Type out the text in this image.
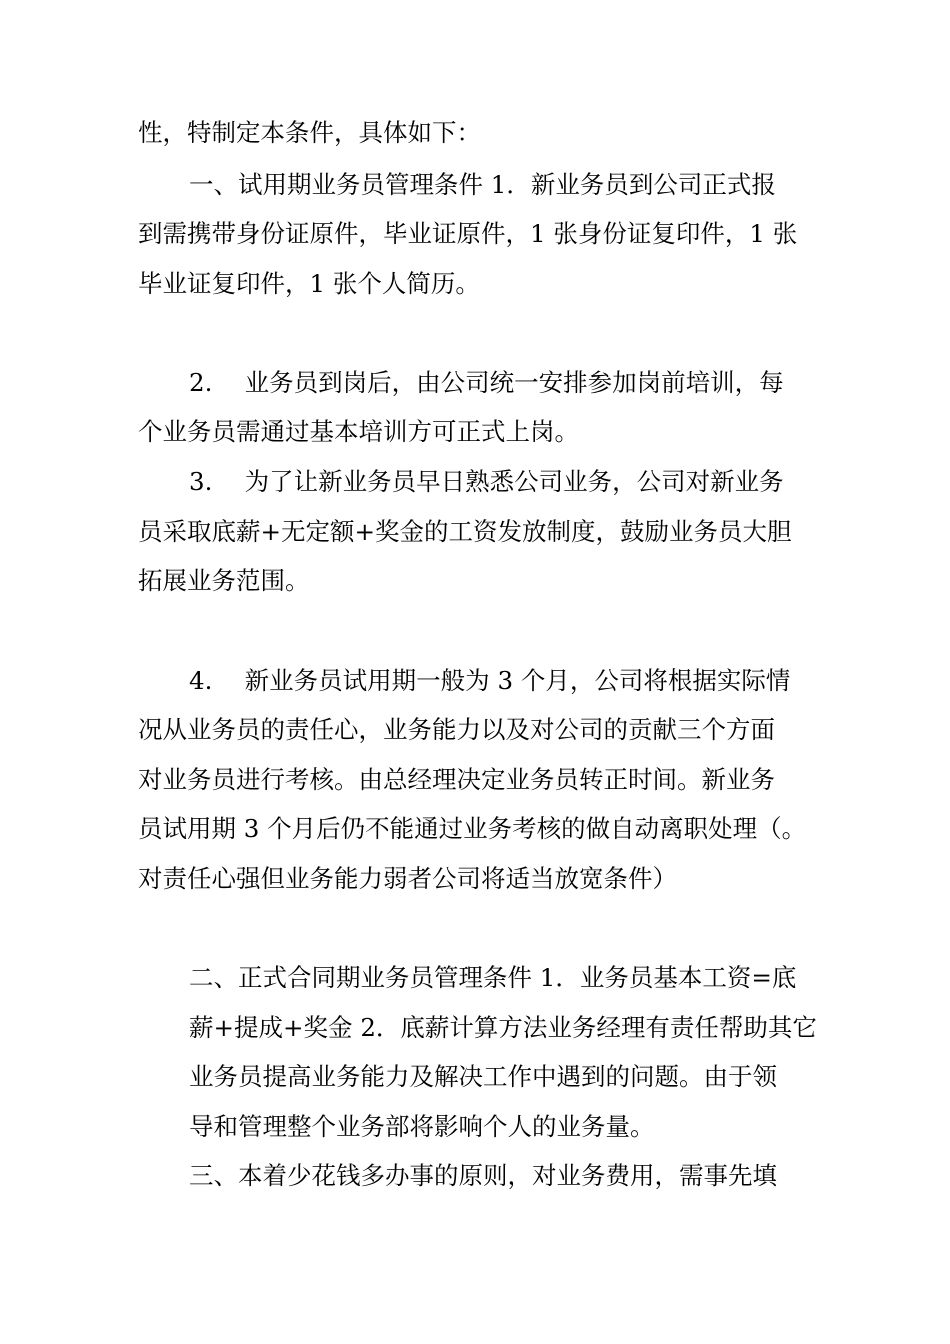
性，特制定本条件，具体如下：
一、试用期业务员管理条件 1．新业务员到公司正式报
到需携带身份证原件，毕业证原件，1 张身份证复印件，1 张
毕业证复印件，1 张个人简历。
2.　 业务员到岗后，由公司统一安排参加岗前培训，每
个业务员需通过基本培训方可正式上岗。
3.　 为了让新业务员早日熟悉公司业务，公司对新业务
员采取底薪+无定额+奖金的工资发放制度，鼓励业务员大胆
拓展业务范围。
4.　 新业务员试用期一般为 3 个月，公司将根据实际情
况从业务员的责任心，业务能力以及对公司的贡献三个方面
对业务员进行考核。由总经理决定业务员转正时间。新业务
员试用期 3 个月后仍不能通过业务考核的做自动离职处理（。
对责任心强但业务能力弱者公司将适当放宽条件）
二、正式合同期业务员管理条件 1．业务员基本工资=底
薪+提成+奖金 2．底薪计算方法业务经理有责任帮助其它
业务员提高业务能力及解决工作中遇到的问题。由于领
导和管理整个业务部将影响个人的业务量。
三、本着少花钱多办事的原则，对业务费用，需事先填
